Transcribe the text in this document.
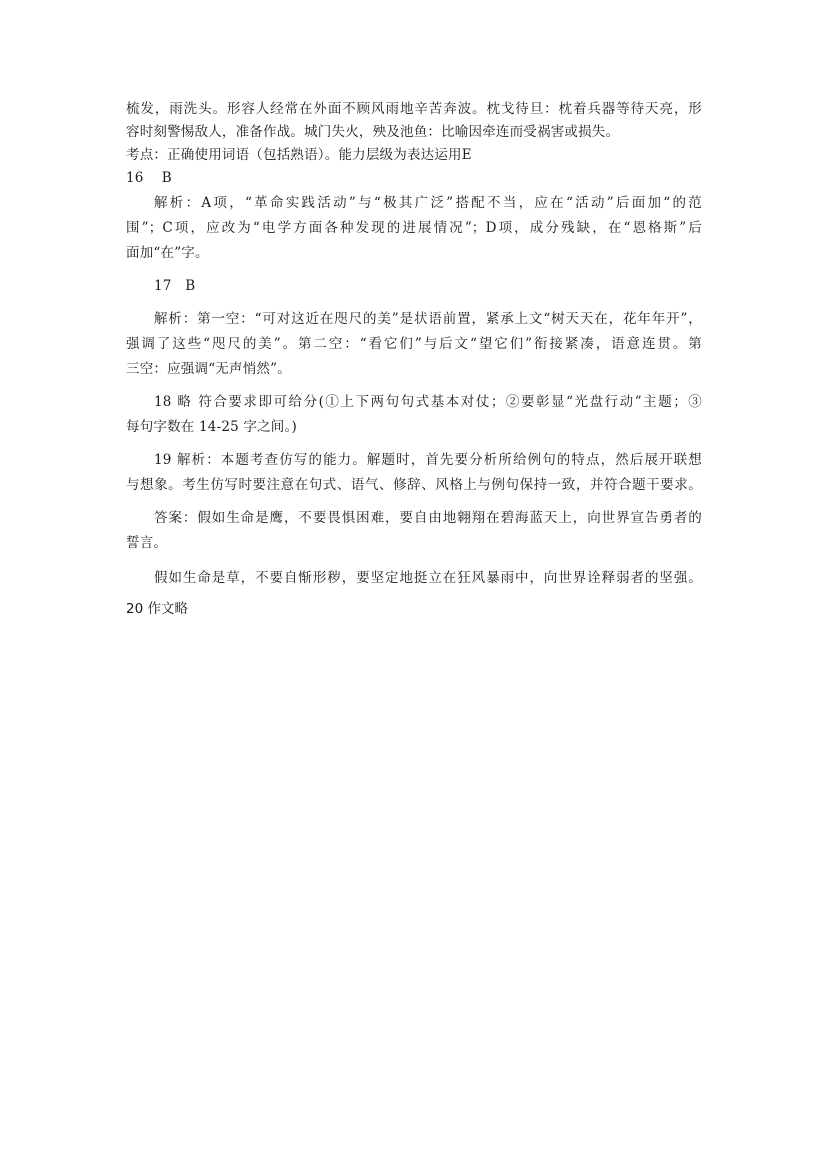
梳发，雨洗头。形容人经常在外面不顾风雨地辛苦奔波。枕戈待旦：枕着兵器等待天亮，形
容时刻警惕敌人，准备作战。城门失火，殃及池鱼：比喻因牵连而受祸害或损失。
考点：正确使用词语（包括熟语）。能力层级为表达运用E
16　 B
解析：A项，“革命实践活动”与“极其广泛”搭配不当，应在“活动”后面加“的范
围”；C项，应改为“电学方面各种发现的进展情况”；D项，成分残缺，在“恩格斯”后
面加“在”字。
17　B
解析：第一空：“可对这近在咫尺的美”是状语前置，紧承上文“树天天在，花年年开”，
强调了这些“咫尺的美”。第二空：“看它们”与后文“望它们”衔接紧凑，语意连贯。第
三空：应强调“无声悄然”。
18 略 符合要求即可给分(①上下两句句式基本对仗；②要彰显“光盘行动”主题；③
每句字数在 14-25 字之间。)
19 解析：本题考查仿写的能力。解题时，首先要分析所给例句的特点，然后展开联想
与想象。考生仿写时要注意在句式、语气、修辞、风格上与例句保持一致，并符合题干要求。
答案：假如生命是鹰，不要畏惧困难，要自由地翱翔在碧海蓝天上，向世界宣告勇者的
誓言。
假如生命是草，不要自惭形秽，要坚定地挺立在狂风暴雨中，向世界诠释弱者的坚强。
20 作文略
